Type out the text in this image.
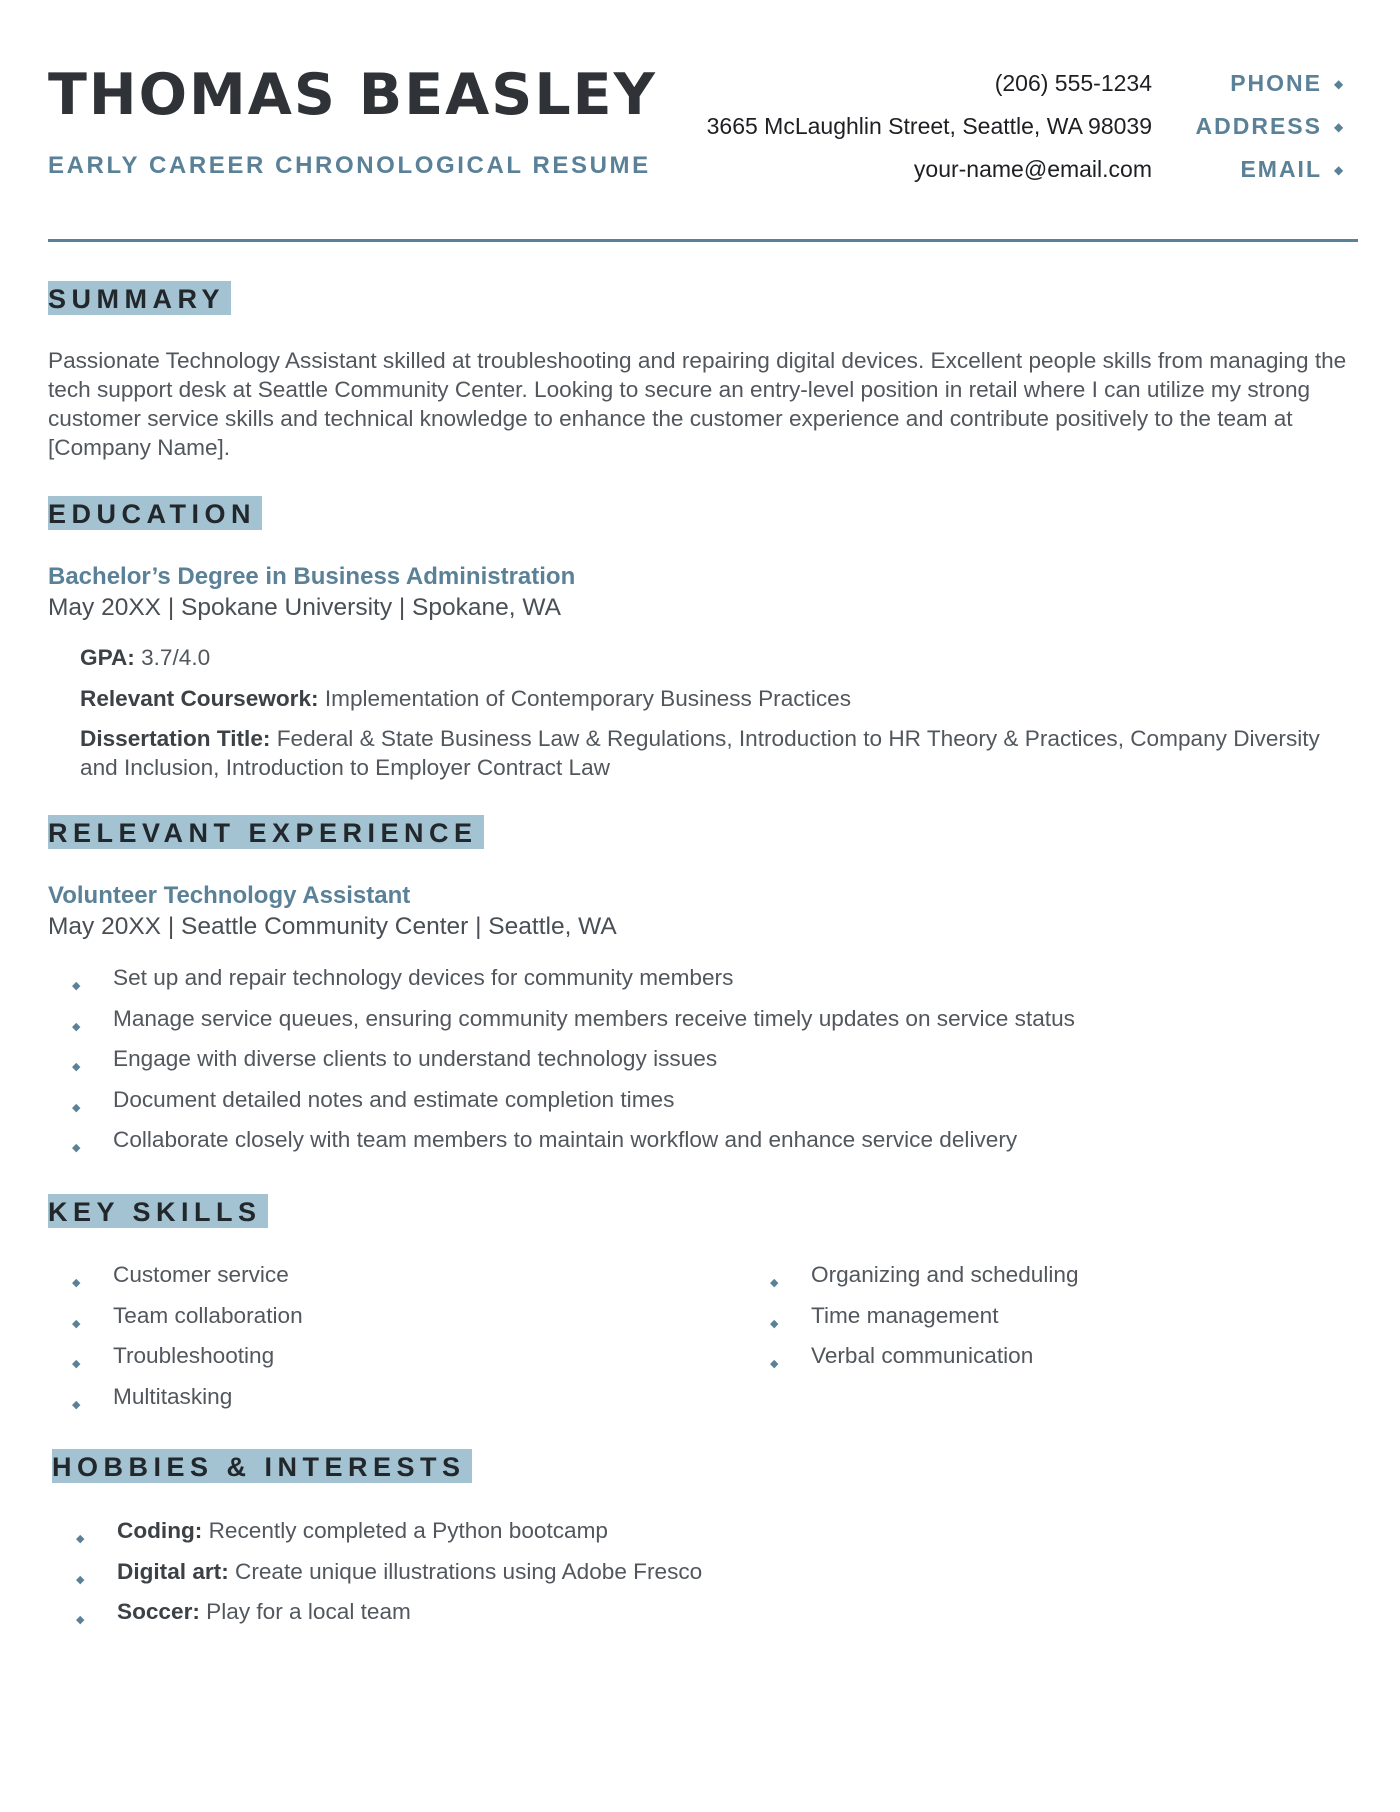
THOMAS BEASLEY
EARLY CAREER CHRONOLOGICAL RESUME
(206) 555-1234	PHONE ◆
3665 McLaughlin Street, Seattle, WA 98039 ADDRESS ◆
your-name@email.com	EMAIL ◆
SUMMARY
Passionate Technology Assistant skilled at troubleshooting and repairing digital devices. Excellent people skills from managing the tech support desk at Seattle Community Center. Looking to secure an entry-level position in retail where I can utilize my strong customer service skills and technical knowledge to enhance the customer experience and contribute positively to the team at [Company Name].
EDUCATION
Bachelor’s Degree in Business Administration
May 20XX | Spokane University | Spokane, WA
GPA: 3.7/4.0
Relevant Coursework: Implementation of Contemporary Business Practices
Dissertation Title: Federal & State Business Law & Regulations, Introduction to HR Theory & Practices, Company Diversity and Inclusion, Introduction to Employer Contract Law
RELEVANT EXPERIENCE
Volunteer Technology Assistant
May 20XX | Seattle Community Center | Seattle, WA
◆ Set up and repair technology devices for community members
◆ Manage service queues, ensuring community members receive timely updates on service status
◆ Engage with diverse clients to understand technology issues
◆ Document detailed notes and estimate completion times
◆ Collaborate closely with team members to maintain workflow and enhance service delivery
KEY SKILLS
◆ Customer service
◆ Team collaboration
◆ Troubleshooting
◆ Multitasking
◆ Organizing and scheduling
◆ Time management
◆ Verbal communication
HOBBIES & INTERESTS
◆ Coding: Recently completed a Python bootcamp
◆ Digital art: Create unique illustrations using Adobe Fresco
◆ Soccer: Play for a local team
